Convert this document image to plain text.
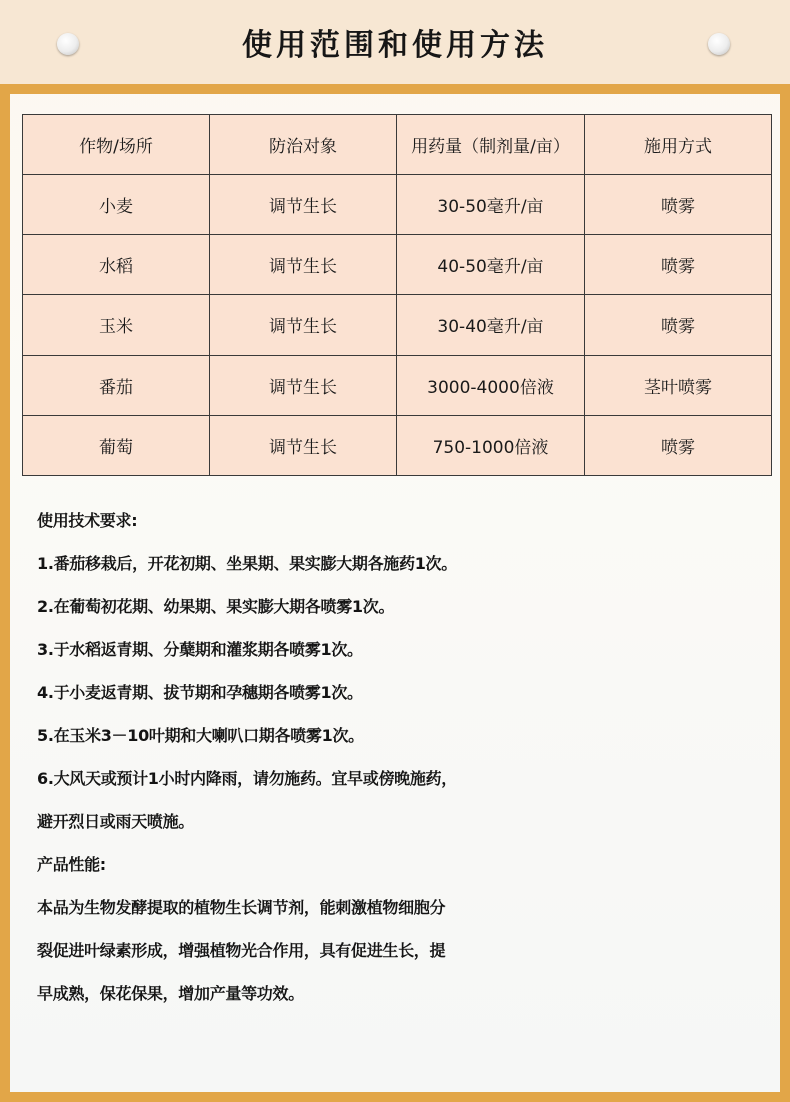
使用范围和使用方法
作物/场所	防治对象	用药量（制剂量/亩）	施用方式
小麦	调节生长	30-50毫升/亩	喷雾
水稻	调节生长	40-50毫升/亩	喷雾
玉米	调节生长	30-40毫升/亩	喷雾
番茄	调节生长	3000-4000倍液	茎叶喷雾
葡萄	调节生长	750-1000倍液	喷雾
使用技术要求:
1.番茄移栽后，开花初期、坐果期、果实膨大期各施药1次。
2.在葡萄初花期、幼果期、果实膨大期各喷雾1次。
3.于水稻返青期、分蘖期和灌浆期各喷雾1次。
4.于小麦返青期、拔节期和孕穗期各喷雾1次。
5.在玉米3－10叶期和大喇叭口期各喷雾1次。
6.大风天或预计1小时内降雨，请勿施药。宜早或傍晚施药，
避开烈日或雨天喷施。
产品性能:
本品为生物发酵提取的植物生长调节剂，能刺激植物细胞分
裂促进叶绿素形成，增强植物光合作用，具有促进生长，提
早成熟，保花保果，增加产量等功效。
